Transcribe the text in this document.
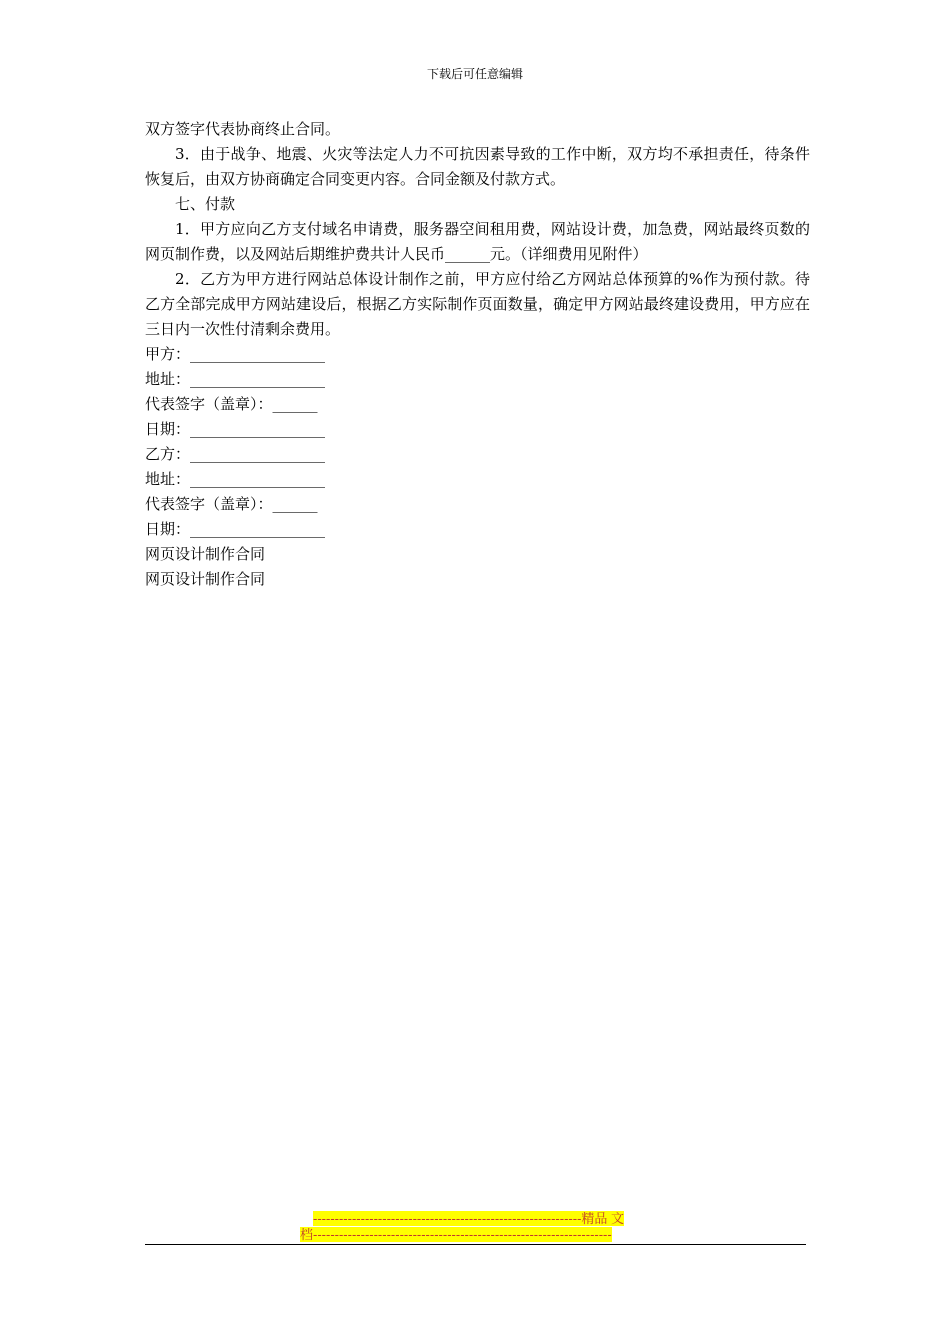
下载后可任意编辑

双方签字代表协商终止合同。

3．由于战争、地震、火灾等法定人力不可抗因素导致的工作中断，双方均不承担责任，待条件恢复后，由双方协商确定合同变更内容。合同金额及付款方式。

七、付款

1．甲方应向乙方支付域名申请费，服务器空间租用费，网站设计费，加急费，网站最终页数的网页制作费，以及网站后期维护费共计人民币______元。（详细费用见附件）

2．乙方为甲方进行网站总体设计制作之前，甲方应付给乙方网站总体预算的%作为预付款。待乙方全部完成甲方网站建设后，根据乙方实际制作页面数量，确定甲方网站最终建设费用，甲方应在三日内一次性付清剩余费用。

甲方：__________________

地址：__________________

代表签字（盖章）：______

日期：__________________

乙方：__________________

地址：__________________

代表签字（盖章）：______

日期：__________________

网页设计制作合同

网页设计制作合同

--------------------------------------------------------------精品 文
档---------------------------------------------------------------------
